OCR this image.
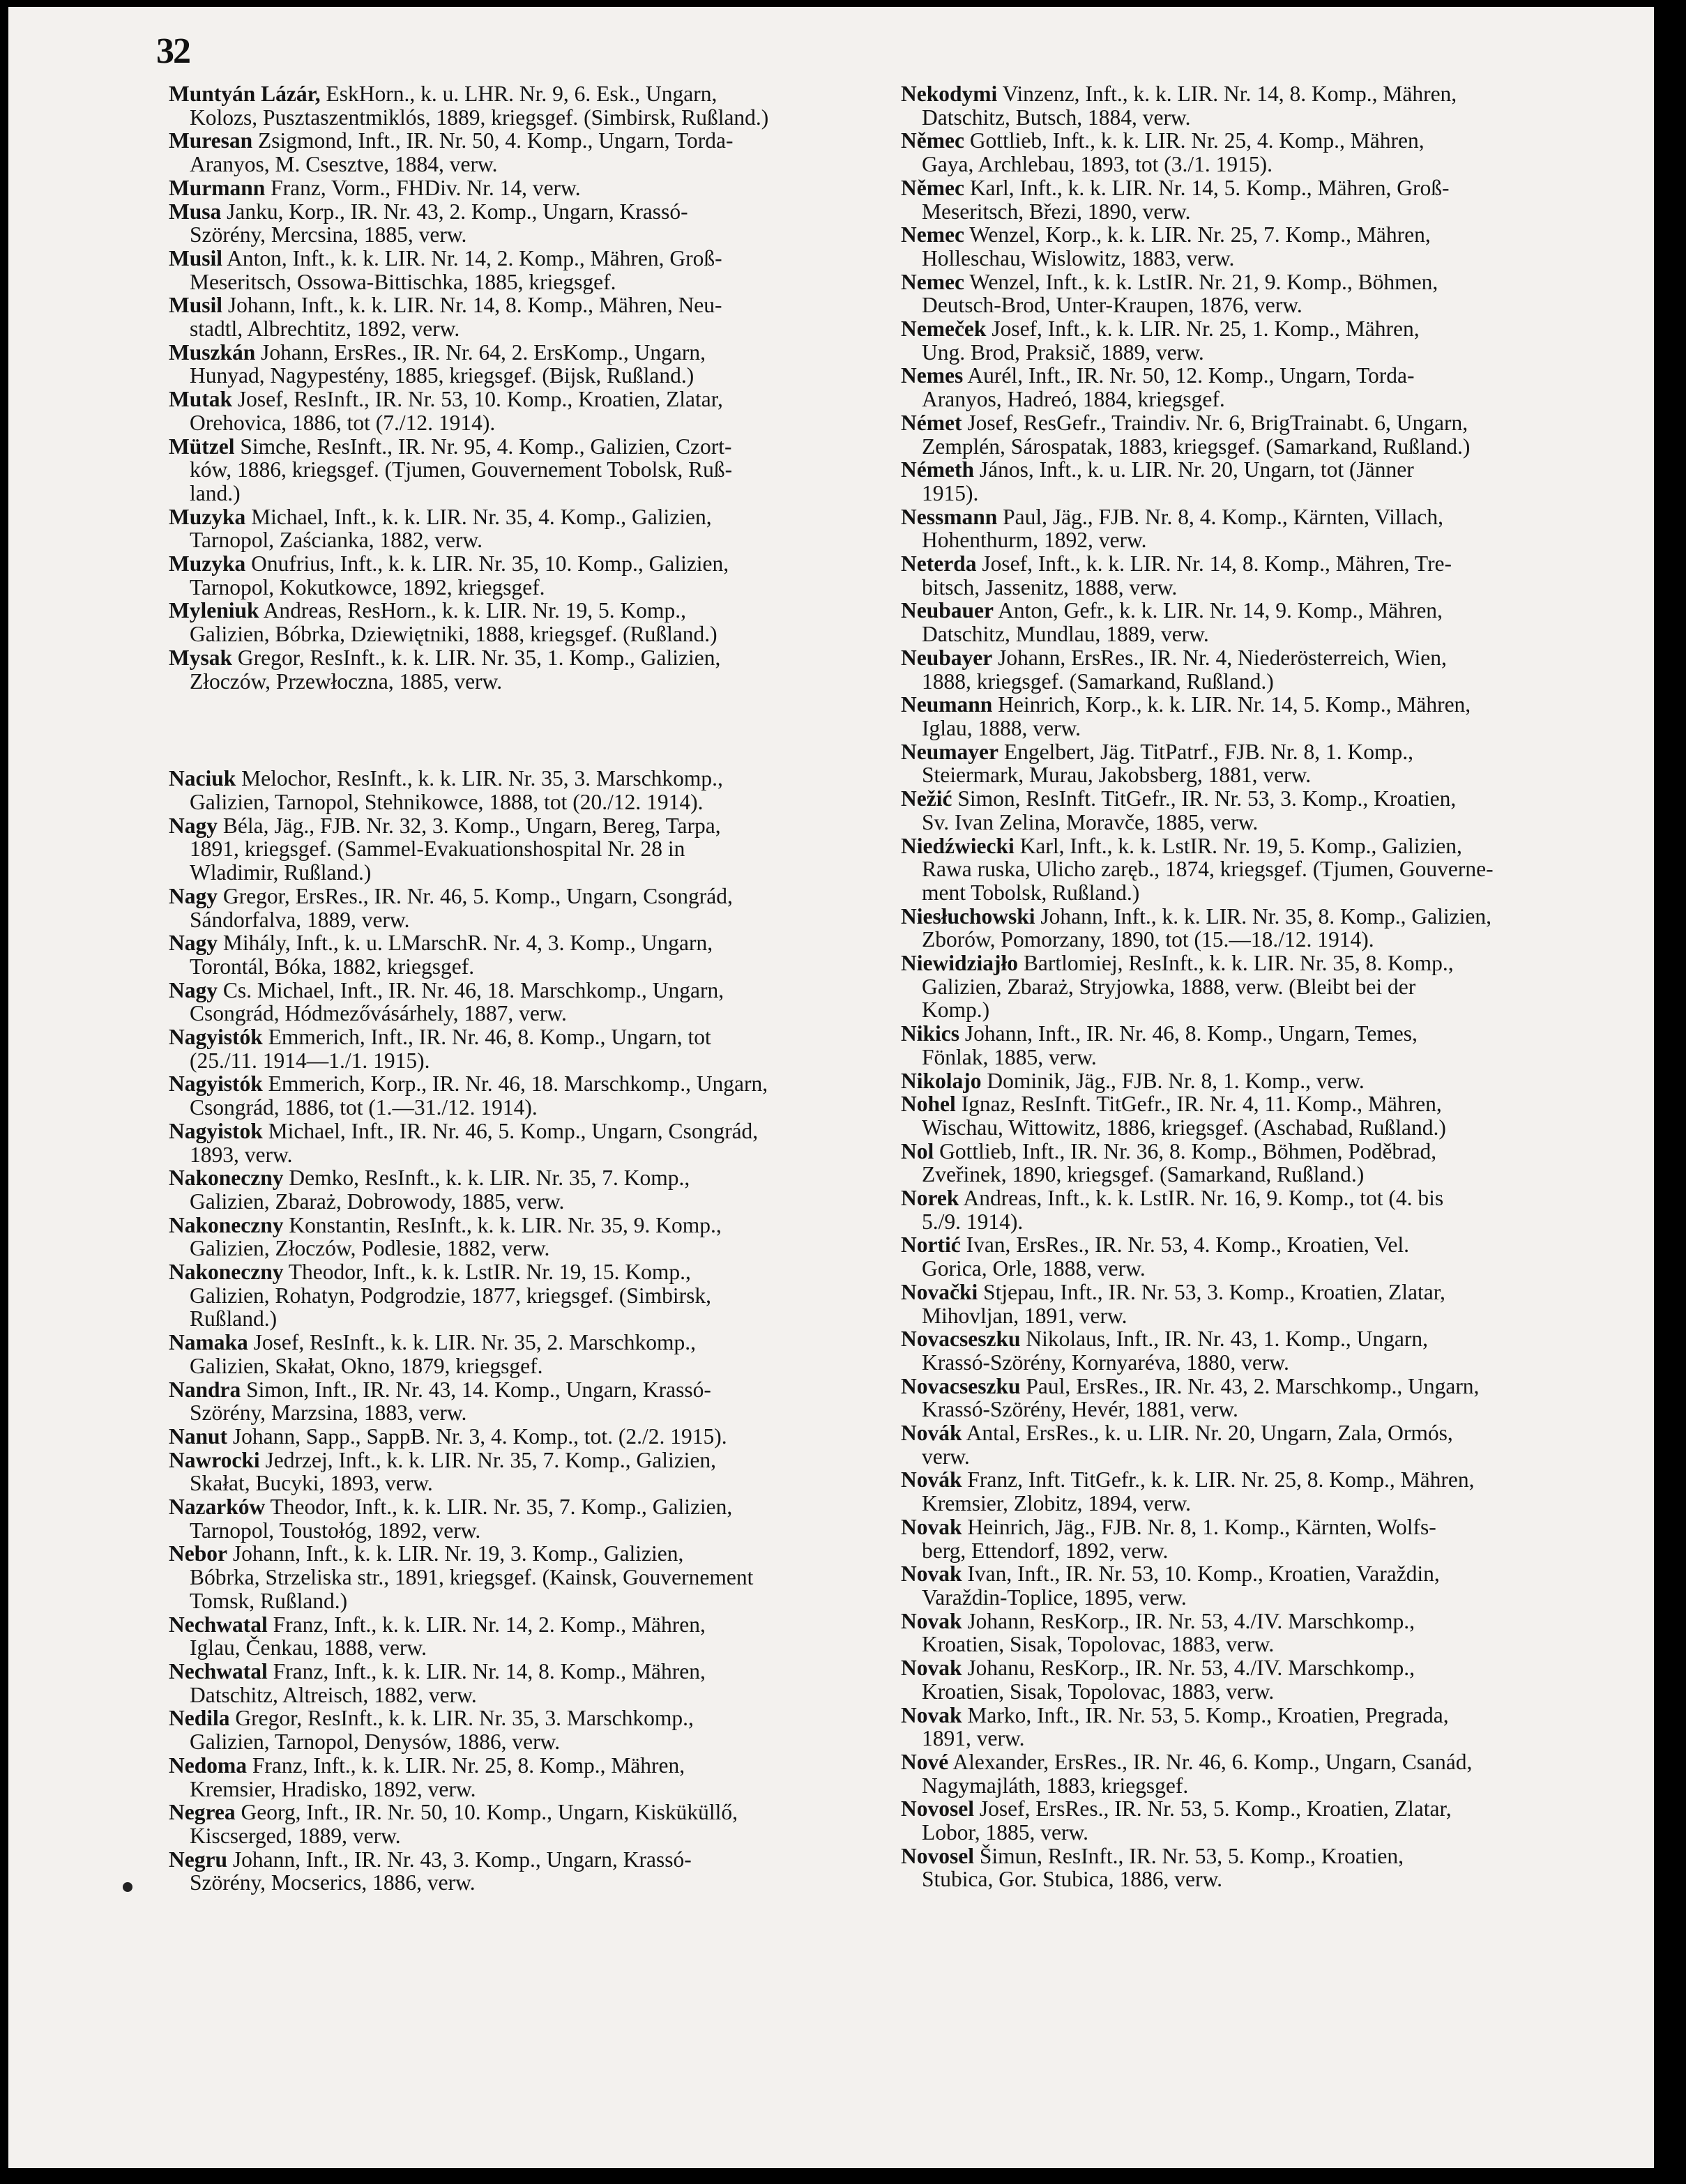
32

Muntyán Lázár, EskHorn., k. u. LHR. Nr. 9, 6. Esk., Ungarn,
Kolozs, Pusztaszentmiklós, 1889, kriegsgef. (Simbirsk, Rußland.)

Muresan Zsigmond, Inft., IR. Nr. 50, 4. Komp., Ungarn, Torda-
Aranyos, M. Csesztve, 1884, verw.

Murmann Franz, Vorm., FHDiv. Nr. 14, verw.

Musa Janku, Korp., IR. Nr. 43, 2. Komp., Ungarn, Krassó-
Szörény, Mercsina, 1885, verw.

Musil Anton, Inft., k. k. LIR. Nr. 14, 2. Komp., Mähren, Groß-
Meseritsch, Ossowa-Bittischka, 1885, kriegsgef.

Musil Johann, Inft., k. k. LIR. Nr. 14, 8. Komp., Mähren, Neu-
stadtl, Albrechtitz, 1892, verw.

Muszkán Johann, ErsRes., IR. Nr. 64, 2. ErsKomp., Ungarn,
Hunyad, Nagypestény, 1885, kriegsgef. (Bijsk, Rußland.)

Mutak Josef, ResInft., IR. Nr. 53, 10. Komp., Kroatien, Zlatar,
Orehovica, 1886, tot (7./12. 1914).

Mützel Simche, ResInft., IR. Nr. 95, 4. Komp., Galizien, Czort-
ków, 1886, kriegsgef. (Tjumen, Gouvernement Tobolsk, Ruß-
land.)

Muzyka Michael, Inft., k. k. LIR. Nr. 35, 4. Komp., Galizien,
Tarnopol, Zaścianka, 1882, verw.

Muzyka Onufrius, Inft., k. k. LIR. Nr. 35, 10. Komp., Galizien,
Tarnopol, Kokutkowce, 1892, kriegsgef.

Myleniuk Andreas, ResHorn., k. k. LIR. Nr. 19, 5. Komp.,
Galizien, Bóbrka, Dziewiętniki, 1888, kriegsgef. (Rußland.)

Mysak Gregor, ResInft., k. k. LIR. Nr. 35, 1. Komp., Galizien,
Złoczów, Przewłoczna, 1885, verw.

Naciuk Melochor, ResInft., k. k. LIR. Nr. 35, 3. Marschkomp.,
Galizien, Tarnopol, Stehnikowce, 1888, tot (20./12. 1914).

Nagy Béla, Jäg., FJB. Nr. 32, 3. Komp., Ungarn, Bereg, Tarpa,
1891, kriegsgef. (Sammel-Evakuationshospital Nr. 28 in
Wladimir, Rußland.)

Nagy Gregor, ErsRes., IR. Nr. 46, 5. Komp., Ungarn, Csongrád,
Sándorfalva, 1889, verw.

Nagy Mihály, Inft., k. u. LMarschR. Nr. 4, 3. Komp., Ungarn,
Torontál, Bóka, 1882, kriegsgef.

Nagy Cs. Michael, Inft., IR. Nr. 46, 18. Marschkomp., Ungarn,
Csongrád, Hódmezővásárhely, 1887, verw.

Nagyistók Emmerich, Inft., IR. Nr. 46, 8. Komp., Ungarn, tot
(25./11. 1914—1./1. 1915).

Nagyistók Emmerich, Korp., IR. Nr. 46, 18. Marschkomp., Ungarn,
Csongrád, 1886, tot (1.—31./12. 1914).

Nagyistok Michael, Inft., IR. Nr. 46, 5. Komp., Ungarn, Csongrád,
1893, verw.

Nakoneczny Demko, ResInft., k. k. LIR. Nr. 35, 7. Komp.,
Galizien, Zbaraż, Dobrowody, 1885, verw.

Nakoneczny Konstantin, ResInft., k. k. LIR. Nr. 35, 9. Komp.,
Galizien, Złoczów, Podlesie, 1882, verw.

Nakoneczny Theodor, Inft., k. k. LstIR. Nr. 19, 15. Komp.,
Galizien, Rohatyn, Podgrodzie, 1877, kriegsgef. (Simbirsk,
Rußland.)

Namaka Josef, ResInft., k. k. LIR. Nr. 35, 2. Marschkomp.,
Galizien, Skałat, Okno, 1879, kriegsgef.

Nandra Simon, Inft., IR. Nr. 43, 14. Komp., Ungarn, Krassó-
Szörény, Marzsina, 1883, verw.

Nanut Johann, Sapp., SappB. Nr. 3, 4. Komp., tot. (2./2. 1915).

Nawrocki Jedrzej, Inft., k. k. LIR. Nr. 35, 7. Komp., Galizien,
Skałat, Bucyki, 1893, verw.

Nazarków Theodor, Inft., k. k. LIR. Nr. 35, 7. Komp., Galizien,
Tarnopol, Toustołóg, 1892, verw.

Nebor Johann, Inft., k. k. LIR. Nr. 19, 3. Komp., Galizien,
Bóbrka, Strzeliska str., 1891, kriegsgef. (Kainsk, Gouvernement
Tomsk, Rußland.)

Nechwatal Franz, Inft., k. k. LIR. Nr. 14, 2. Komp., Mähren,
Iglau, Čenkau, 1888, verw.

Nechwatal Franz, Inft., k. k. LIR. Nr. 14, 8. Komp., Mähren,
Datschitz, Altreisch, 1882, verw.

Nedila Gregor, ResInft., k. k. LIR. Nr. 35, 3. Marschkomp.,
Galizien, Tarnopol, Denysów, 1886, verw.

Nedoma Franz, Inft., k. k. LIR. Nr. 25, 8. Komp., Mähren,
Kremsier, Hradisko, 1892, verw.

Negrea Georg, Inft., IR. Nr. 50, 10. Komp., Ungarn, Kisküküllő,
Kiscserged, 1889, verw.

Negru Johann, Inft., IR. Nr. 43, 3. Komp., Ungarn, Krassó-
Szörény, Mocserics, 1886, verw.

Nekodymi Vinzenz, Inft., k. k. LIR. Nr. 14, 8. Komp., Mähren,
Datschitz, Butsch, 1884, verw.

Němec Gottlieb, Inft., k. k. LIR. Nr. 25, 4. Komp., Mähren,
Gaya, Archlebau, 1893, tot (3./1. 1915).

Němec Karl, Inft., k. k. LIR. Nr. 14, 5. Komp., Mähren, Groß-
Meseritsch, Březi, 1890, verw.

Nemec Wenzel, Korp., k. k. LIR. Nr. 25, 7. Komp., Mähren,
Holleschau, Wislowitz, 1883, verw.

Nemec Wenzel, Inft., k. k. LstIR. Nr. 21, 9. Komp., Böhmen,
Deutsch-Brod, Unter-Kraupen, 1876, verw.

Nemeček Josef, Inft., k. k. LIR. Nr. 25, 1. Komp., Mähren,
Ung. Brod, Praksič, 1889, verw.

Nemes Aurél, Inft., IR. Nr. 50, 12. Komp., Ungarn, Torda-
Aranyos, Hadreó, 1884, kriegsgef.

Német Josef, ResGefr., Traindiv. Nr. 6, BrigTrainabt. 6, Ungarn,
Zemplén, Sárospatak, 1883, kriegsgef. (Samarkand, Rußland.)

Németh János, Inft., k. u. LIR. Nr. 20, Ungarn, tot (Jänner
1915).

Nessmann Paul, Jäg., FJB. Nr. 8, 4. Komp., Kärnten, Villach,
Hohenthurm, 1892, verw.

Neterda Josef, Inft., k. k. LIR. Nr. 14, 8. Komp., Mähren, Tre-
bitsch, Jassenitz, 1888, verw.

Neubauer Anton, Gefr., k. k. LIR. Nr. 14, 9. Komp., Mähren,
Datschitz, Mundlau, 1889, verw.

Neubayer Johann, ErsRes., IR. Nr. 4, Niederösterreich, Wien,
1888, kriegsgef. (Samarkand, Rußland.)

Neumann Heinrich, Korp., k. k. LIR. Nr. 14, 5. Komp., Mähren,
Iglau, 1888, verw.

Neumayer Engelbert, Jäg. TitPatrf., FJB. Nr. 8, 1. Komp.,
Steiermark, Murau, Jakobsberg, 1881, verw.

Nežić Simon, ResInft. TitGefr., IR. Nr. 53, 3. Komp., Kroatien,
Sv. Ivan Zelina, Moravče, 1885, verw.

Niedźwiecki Karl, Inft., k. k. LstIR. Nr. 19, 5. Komp., Galizien,
Rawa ruska, Ulicho zaręb., 1874, kriegsgef. (Tjumen, Gouverne-
ment Tobolsk, Rußland.)

Niesłuchowski Johann, Inft., k. k. LIR. Nr. 35, 8. Komp., Galizien,
Zborów, Pomorzany, 1890, tot (15.—18./12. 1914).

Niewidziajło Bartlomiej, ResInft., k. k. LIR. Nr. 35, 8. Komp.,
Galizien, Zbaraż, Stryjowka, 1888, verw. (Bleibt bei der
Komp.)

Nikics Johann, Inft., IR. Nr. 46, 8. Komp., Ungarn, Temes,
Fönlak, 1885, verw.

Nikolajo Dominik, Jäg., FJB. Nr. 8, 1. Komp., verw.

Nohel Ignaz, ResInft. TitGefr., IR. Nr. 4, 11. Komp., Mähren,
Wischau, Wittowitz, 1886, kriegsgef. (Aschabad, Rußland.)

Nol Gottlieb, Inft., IR. Nr. 36, 8. Komp., Böhmen, Poděbrad,
Zveřinek, 1890, kriegsgef. (Samarkand, Rußland.)

Norek Andreas, Inft., k. k. LstIR. Nr. 16, 9. Komp., tot (4. bis
5./9. 1914).

Nortić Ivan, ErsRes., IR. Nr. 53, 4. Komp., Kroatien, Vel.
Gorica, Orle, 1888, verw.

Novački Stjepau, Inft., IR. Nr. 53, 3. Komp., Kroatien, Zlatar,
Mihovljan, 1891, verw.

Novacseszku Nikolaus, Inft., IR. Nr. 43, 1. Komp., Ungarn,
Krassó-Szörény, Kornyaréva, 1880, verw.

Novacseszku Paul, ErsRes., IR. Nr. 43, 2. Marschkomp., Ungarn,
Krassó-Szörény, Hevér, 1881, verw.

Novák Antal, ErsRes., k. u. LIR. Nr. 20, Ungarn, Zala, Ormós,
verw.

Novák Franz, Inft. TitGefr., k. k. LIR. Nr. 25, 8. Komp., Mähren,
Kremsier, Zlobitz, 1894, verw.

Novak Heinrich, Jäg., FJB. Nr. 8, 1. Komp., Kärnten, Wolfs-
berg, Ettendorf, 1892, verw.

Novak Ivan, Inft., IR. Nr. 53, 10. Komp., Kroatien, Varaždin,
Varaždin-Toplice, 1895, verw.

Novak Johann, ResKorp., IR. Nr. 53, 4./IV. Marschkomp.,
Kroatien, Sisak, Topolovac, 1883, verw.

Novak Johanu, ResKorp., IR. Nr. 53, 4./IV. Marschkomp.,
Kroatien, Sisak, Topolovac, 1883, verw.

Novak Marko, Inft., IR. Nr. 53, 5. Komp., Kroatien, Pregrada,
1891, verw.

Nové Alexander, ErsRes., IR. Nr. 46, 6. Komp., Ungarn, Csanád,
Nagymajláth, 1883, kriegsgef.

Novosel Josef, ErsRes., IR. Nr. 53, 5. Komp., Kroatien, Zlatar,
Lobor, 1885, verw.

Novosel Šimun, ResInft., IR. Nr. 53, 5. Komp., Kroatien,
Stubica, Gor. Stubica, 1886, verw.
